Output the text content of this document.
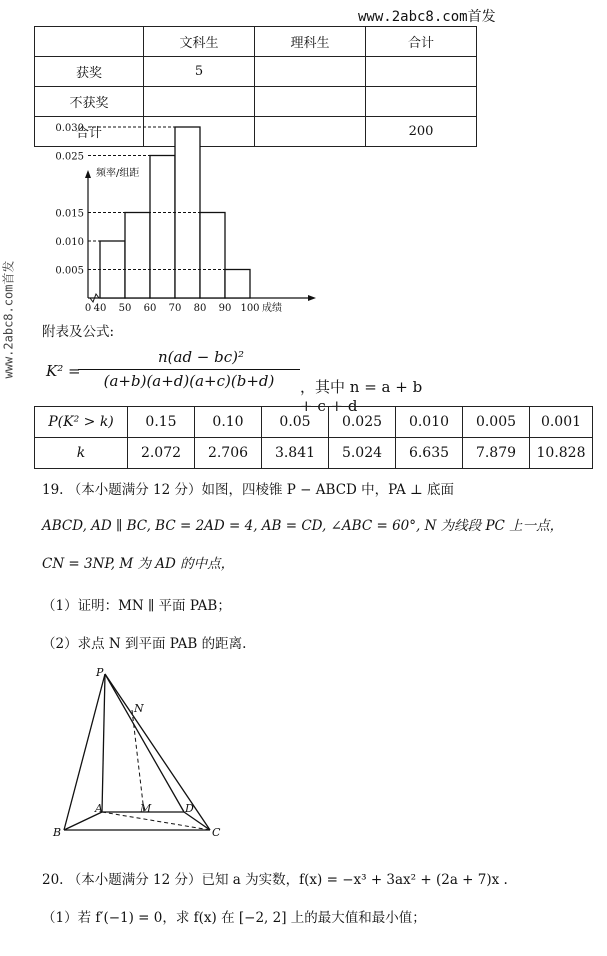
www.2abc8.com首发
www.2abc8.com首发
	文科生	理科生	合计
获奖	5		
不获奖			
合计			200
0.030
0.025
0.015
0.010
0.005
0 40 50 60 70 80 90 100 成绩
频率/组距
附表及公式:
K² =
n(ad − bc)²
(a+b)(a+d)(a+c)(b+d)	，其中 n = a + b + c + d
P(K² > k)	0.15	0.10	0.05	0.025	0.010	0.005	0.001
k	2.072	2.706	3.841	5.024	6.635	7.879	10.828
19. （本小题满分 12 分）如图，四棱锥 P − ABCD 中，PA ⊥ 底面
ABCD, AD ∥ BC, BC = 2AD = 4, AB = CD, ∠ABC = 60°, N 为线段 PC 上一点，
CN = 3NP, M 为 AD 的中点，
（1）证明：MN ∥ 平面 PAB；
（2）求点 N 到平面 PAB 的距离.
P
N
A	M	D
B	C
20. （本小题满分 12 分）已知 a 为实数，f(x) = −x³ + 3ax² + (2a + 7)x .
（1）若 f′(−1) = 0，求 f(x) 在 [−2, 2] 上的最大值和最小值；
